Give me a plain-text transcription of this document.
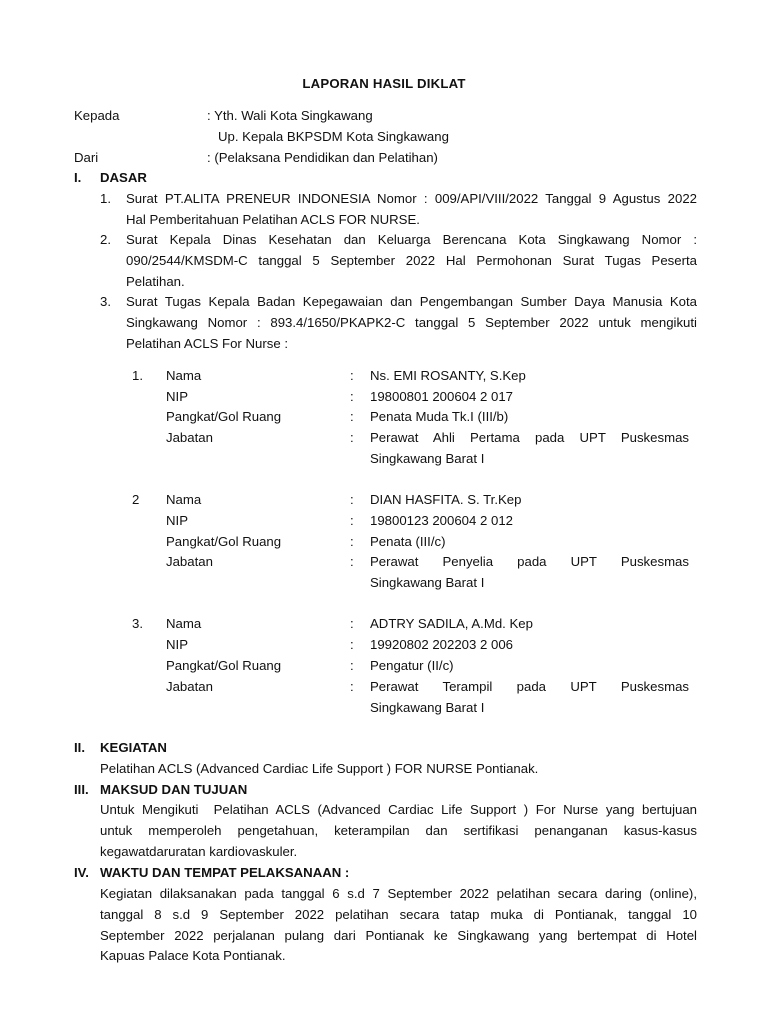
LAPORAN HASIL DIKLAT
Kepada	: Yth. Wali Kota Singkawang
Up. Kepala BKPSDM Kota Singkawang
Dari	: (Pelaksana Pendidikan dan Pelatihan)
I. DASAR
1. Surat PT.ALITA PRENEUR INDONESIA Nomor : 009/API/VIII/2022 Tanggal 9 Agustus 2022
Hal Pemberitahuan Pelatihan ACLS FOR NURSE.
2. Surat Kepala Dinas Kesehatan dan Keluarga Berencana Kota Singkawang Nomor :
090/2544/KMSDM-C tanggal 5 September 2022 Hal Permohonan Surat Tugas Peserta
Pelatihan.
3. Surat Tugas Kepala Badan Kepegawaian dan Pengembangan Sumber Daya Manusia Kota
Singkawang Nomor : 893.4/1650/PKAPK2-C tanggal 5 September 2022 untuk mengikuti
Pelatihan ACLS For Nurse :
1. Nama	: Ns. EMI ROSANTY, S.Kep
NIP	: 19800801 200604 2 017
Pangkat/Gol Ruang	: Penata Muda Tk.I (III/b)
Jabatan	: Perawat Ahli Pertama pada UPT Puskesmas
Singkawang Barat I
2 Nama	: DIAN HASFITA. S. Tr.Kep
NIP	: 19800123 200604 2 012
Pangkat/Gol Ruang	: Penata (III/c)
Jabatan	: Perawat Penyelia pada UPT Puskesmas
Singkawang Barat I
3. Nama	: ADTRY SADILA, A.Md. Kep
NIP	: 19920802 202203 2 006
Pangkat/Gol Ruang	: Pengatur (II/c)
Jabatan	: Perawat Terampil pada UPT Puskesmas
Singkawang Barat I
II. KEGIATAN
Pelatihan ACLS (Advanced Cardiac Life Support ) FOR NURSE Pontianak.
III. MAKSUD DAN TUJUAN
Untuk Mengikuti  Pelatihan ACLS (Advanced Cardiac Life Support ) For Nurse yang bertujuan
untuk memperoleh pengetahuan, keterampilan dan sertifikasi penanganan kasus-kasus
kegawatdaruratan kardiovaskuler.
IV. WAKTU DAN TEMPAT PELAKSANAAN :
Kegiatan dilaksanakan pada tanggal 6 s.d 7 September 2022 pelatihan secara daring (online),
tanggal 8 s.d 9 September 2022 pelatihan secara tatap muka di Pontianak, tanggal 10
September 2022 perjalanan pulang dari Pontianak ke Singkawang yang bertempat di Hotel
Kapuas Palace Kota Pontianak.
